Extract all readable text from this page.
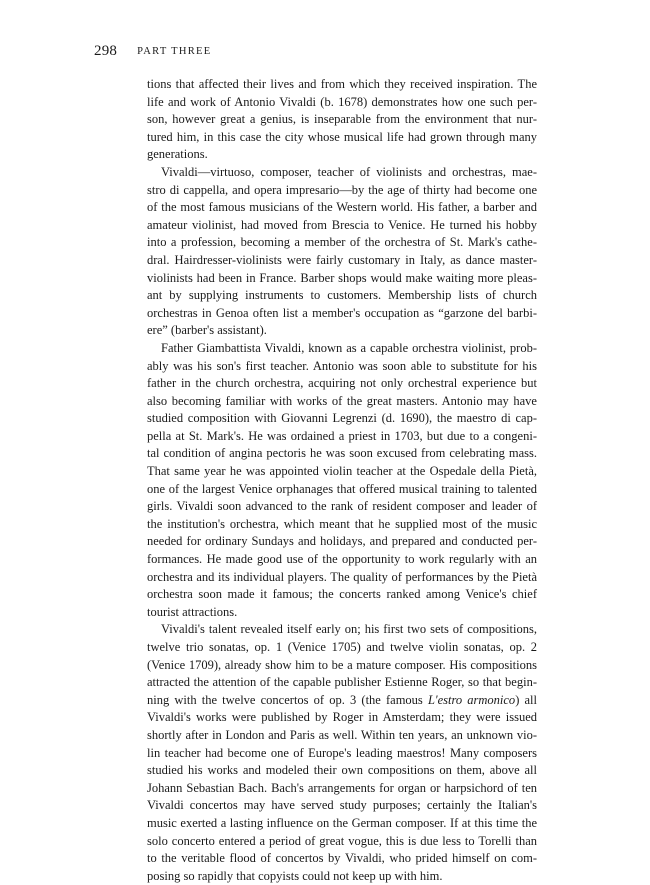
298 PART THREE
tions that affected their lives and from which they received inspiration. The
life and work of Antonio Vivaldi (b. 1678) demonstrates how one such per-
son, however great a genius, is inseparable from the environment that nur-
tured him, in this case the city whose musical life had grown through many
generations.
Vivaldi—virtuoso, composer, teacher of violinists and orchestras, mae-
stro di cappella, and opera impresario—by the age of thirty had become one
of the most famous musicians of the Western world. His father, a barber and
amateur violinist, had moved from Brescia to Venice. He turned his hobby
into a profession, becoming a member of the orchestra of St. Mark's cathe-
dral. Hairdresser-violinists were fairly customary in Italy, as dance master-
violinists had been in France. Barber shops would make waiting more pleas-
ant by supplying instruments to customers. Membership lists of church
orchestras in Genoa often list a member's occupation as “garzone del barbi-
ere” (barber's assistant).
Father Giambattista Vivaldi, known as a capable orchestra violinist, prob-
ably was his son's first teacher. Antonio was soon able to substitute for his
father in the church orchestra, acquiring not only orchestral experience but
also becoming familiar with works of the great masters. Antonio may have
studied composition with Giovanni Legrenzi (d. 1690), the maestro di cap-
pella at St. Mark's. He was ordained a priest in 1703, but due to a congeni-
tal condition of angina pectoris he was soon excused from celebrating mass.
That same year he was appointed violin teacher at the Ospedale della Pietà,
one of the largest Venice orphanages that offered musical training to talented
girls. Vivaldi soon advanced to the rank of resident composer and leader of
the institution's orchestra, which meant that he supplied most of the music
needed for ordinary Sundays and holidays, and prepared and conducted per-
formances. He made good use of the opportunity to work regularly with an
orchestra and its individual players. The quality of performances by the Pietà
orchestra soon made it famous; the concerts ranked among Venice's chief
tourist attractions.
Vivaldi's talent revealed itself early on; his first two sets of compositions,
twelve trio sonatas, op. 1 (Venice 1705) and twelve violin sonatas, op. 2
(Venice 1709), already show him to be a mature composer. His compositions
attracted the attention of the capable publisher Estienne Roger, so that begin-
ning with the twelve concertos of op. 3 (the famous L'estro armonico) all
Vivaldi's works were published by Roger in Amsterdam; they were issued
shortly after in London and Paris as well. Within ten years, an unknown vio-
lin teacher had become one of Europe's leading maestros! Many composers
studied his works and modeled their own compositions on them, above all
Johann Sebastian Bach. Bach's arrangements for organ or harpsichord of ten
Vivaldi concertos may have served study purposes; certainly the Italian's
music exerted a lasting influence on the German composer. If at this time the
solo concerto entered a period of great vogue, this is due less to Torelli than
to the veritable flood of concertos by Vivaldi, who prided himself on com-
posing so rapidly that copyists could not keep up with him.
